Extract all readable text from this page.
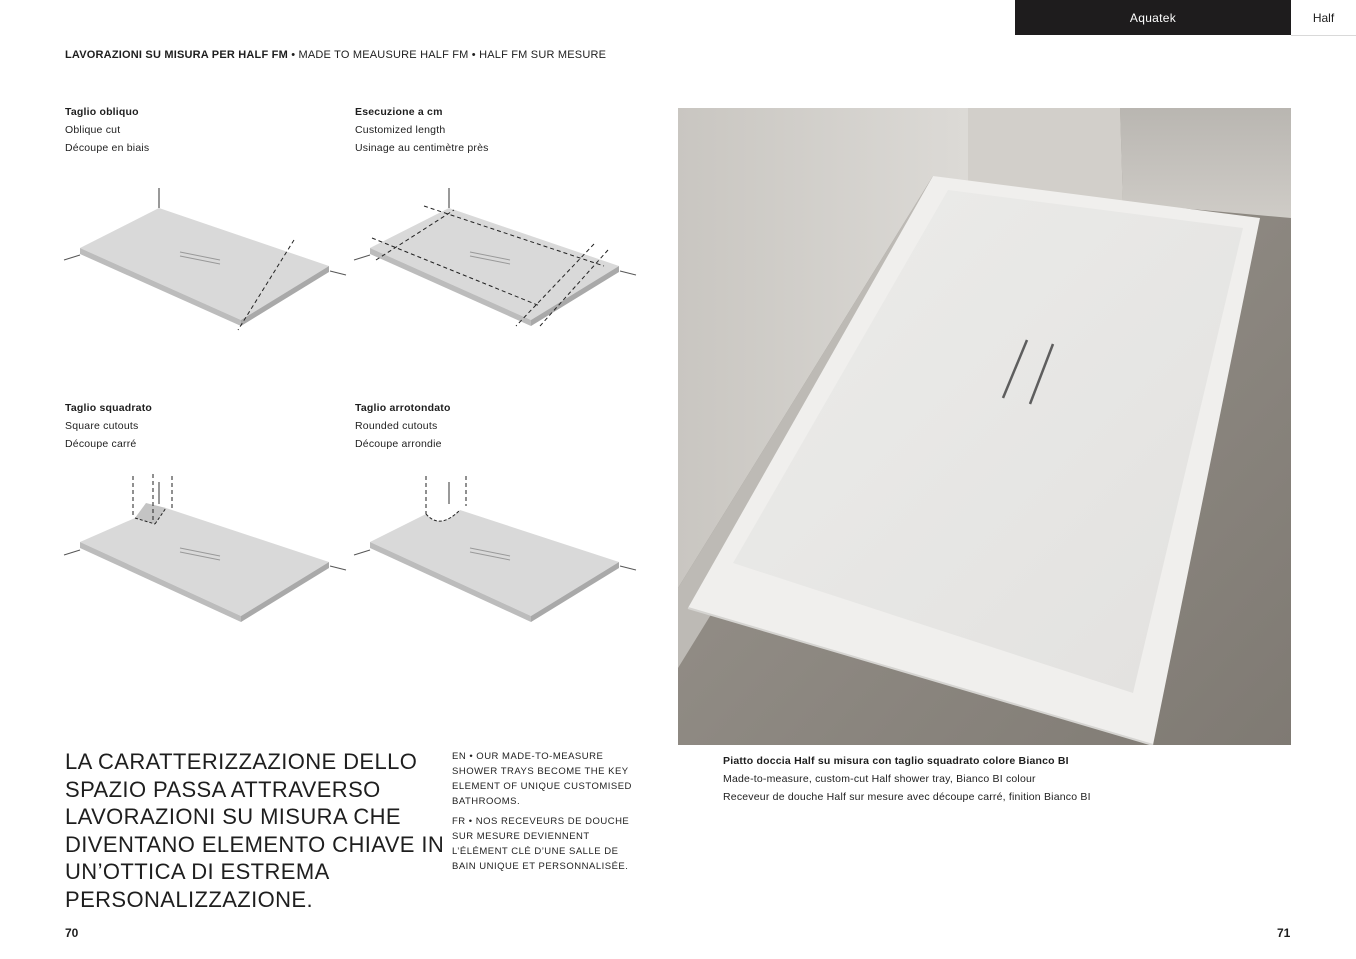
Aquatek	Half
LAVORAZIONI SU MISURA PER HALF FM • MADE TO MEAUSURE HALF FM • HALF FM SUR MESURE
Taglio obliquo
Oblique cut
Découpe en biais
Esecuzione a cm
Customized length
Usinage au centimètre près
Taglio squadrato
Square cutouts
Découpe carré
Taglio arrotondato
Rounded cutouts
Découpe arrondie
LA CARATTERIZZAZIONE DELLO SPAZIO PASSA ATTRAVERSO LAVORAZIONI SU MISURA CHE DIVENTANO ELEMENTO CHIAVE IN UN’OTTICA DI ESTREMA PERSONALIZZAZIONE.
EN • OUR MADE-TO-MEASURE SHOWER TRAYS BECOME THE KEY ELEMENT OF UNIQUE CUSTOMISED BATHROOMS.
FR • NOS RECEVEURS DE DOUCHE SUR MESURE DEVIENNENT L’ÉLÉMENT CLÉ D’UNE SALLE DE BAIN UNIQUE ET PERSONNALISÉE.
Piatto doccia Half su misura con taglio squadrato colore Bianco BI
Made-to-measure, custom-cut Half shower tray, Bianco BI colour
Receveur de douche Half sur mesure avec découpe carré, finition Bianco BI
70	71
